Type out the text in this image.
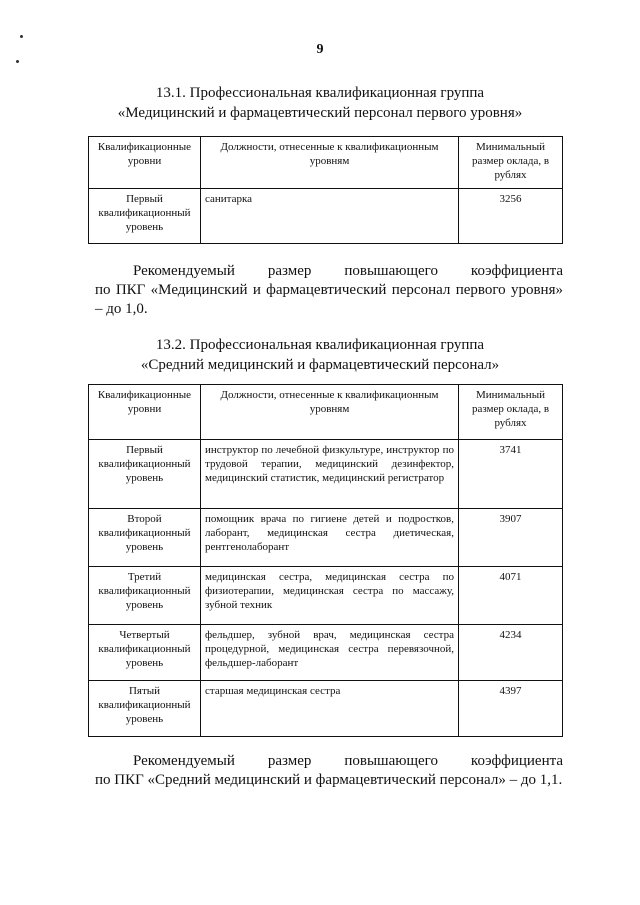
9
13.1. Профессиональная квалификационная группа
«Медицинский и фармацевтический персонал первого уровня»
Квалификационные уровни	Должности, отнесенные к квалификационным уровням	Минимальный размер оклада, в рублях
Первый квалификационный уровень	санитарка	3256
Рекомендуемый размер повышающего коэффициента
по ПКГ «Медицинский и фармацевтический персонал первого уровня» – до 1,0.
13.2. Профессиональная квалификационная группа
«Средний медицинский и фармацевтический персонал»
Квалификационные уровни	Должности, отнесенные к квалификационным уровням	Минимальный размер оклада, в рублях
Первый квалификационный уровень	инструктор по лечебной физкультуре, инструктор по трудовой терапии, медицинский дезинфектор, медицинский статистик, медицинский регистратор	3741
Второй квалификационный уровень	помощник врача по гигиене детей и подростков, лаборант, медицинская сестра диетическая, рентгенолаборант	3907
Третий квалификационный уровень	медицинская сестра, медицинская сестра по физиотерапии, медицинская сестра по массажу, зубной техник	4071
Четвертый квалификационный уровень	фельдшер, зубной врач, медицинская сестра процедурной, медицинская сестра перевязочной, фельдшер-лаборант	4234
Пятый квалификационный уровень	старшая медицинская сестра	4397
Рекомендуемый размер повышающего коэффициента
по ПКГ «Средний медицинский и фармацевтический персонал» – до 1,1.
